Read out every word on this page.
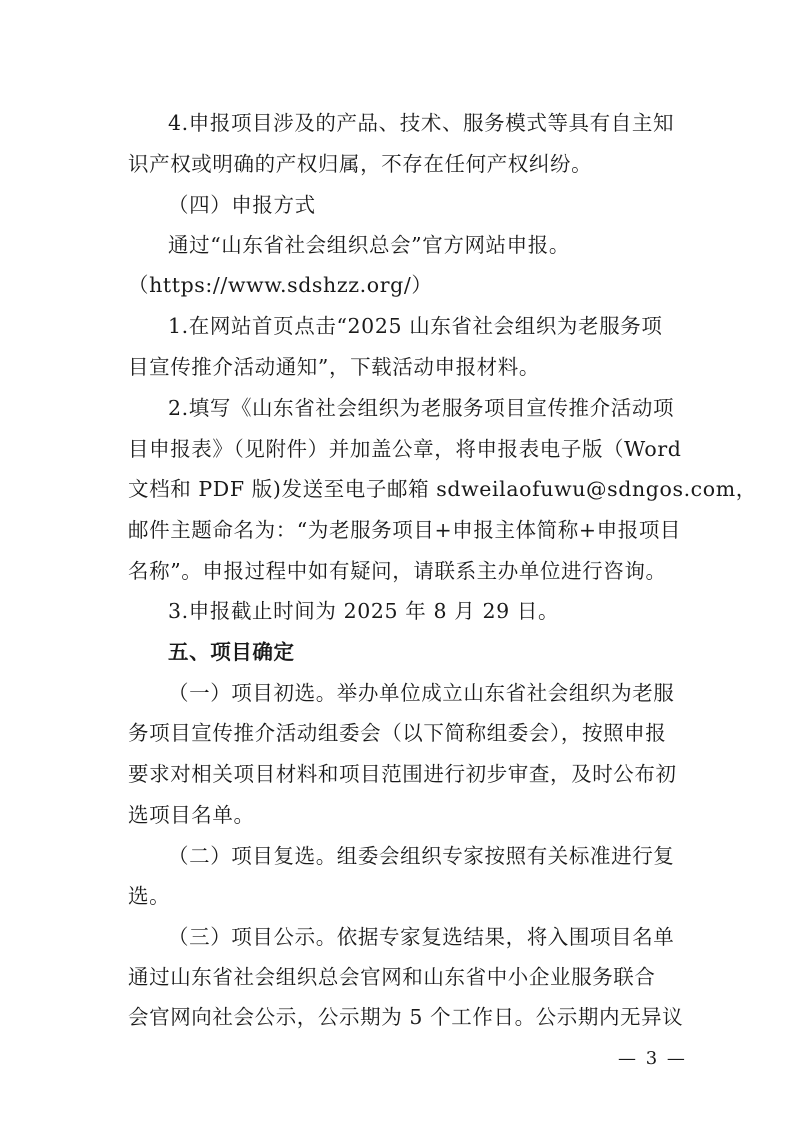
4.申报项目涉及的产品、技术、服务模式等具有自主知
识产权或明确的产权归属，不存在任何产权纠纷。
（四）申报方式
通过“山东省社会组织总会”官方网站申报。
（https://www.sdshzz.org/）
1.在网站首页点击“2025 山东省社会组织为老服务项
目宣传推介活动通知”，下载活动申报材料。
2.填写《山东省社会组织为老服务项目宣传推介活动项
目申报表》（见附件）并加盖公章，将申报表电子版（Word
文档和 PDF 版)发送至电子邮箱 sdweilaofuwu@sdngos.com，
邮件主题命名为：“为老服务项目+申报主体简称+申报项目
名称”。申报过程中如有疑问，请联系主办单位进行咨询。
3.申报截止时间为 2025 年 8 月 29 日。
五、项目确定
（一）项目初选。举办单位成立山东省社会组织为老服
务项目宣传推介活动组委会（以下简称组委会），按照申报
要求对相关项目材料和项目范围进行初步审查，及时公布初
选项目名单。
（二）项目复选。组委会组织专家按照有关标准进行复
选。
（三）项目公示。依据专家复选结果，将入围项目名单
通过山东省社会组织总会官网和山东省中小企业服务联合
会官网向社会公示，公示期为 5 个工作日。公示期内无异议
— 3 —
